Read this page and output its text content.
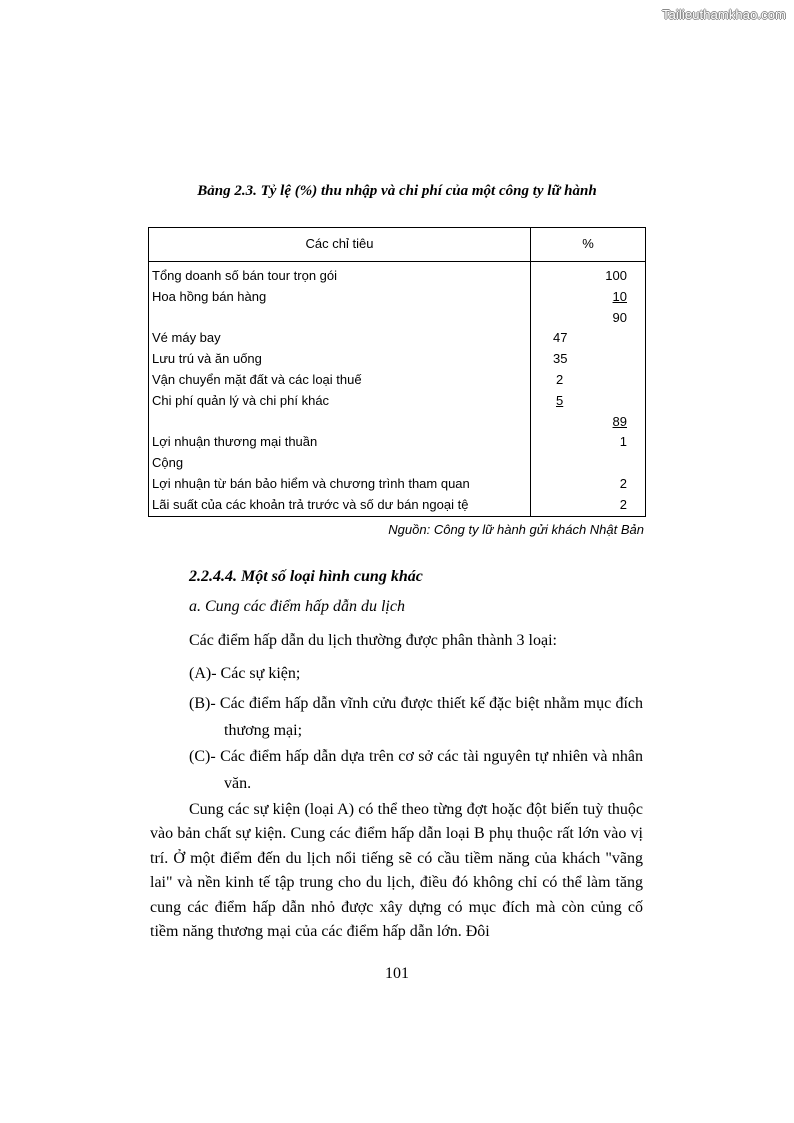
Tailieuthamkhao.com
Bảng 2.3. Tỷ lệ (%) thu nhập và chi phí của một công ty lữ hành
Các chỉ tiêu	%
Tổng doanh số bán tour trọn gói
Hoa hồng bán hàng
Vé máy bay
Lưu trú và ăn uống
Vận chuyển mặt đất và các loại thuế
Chi phí quản lý và chi phí khác
Lợi nhuận thương mại thuần
Cộng
Lợi nhuận từ bán bảo hiểm và chương trình tham quan
Lãi suất của các khoản trả trước và số dư bán ngoại tệ
100
10
90
47
35
2
5
89
1
2
2
Nguồn: Công ty lữ hành gửi khách Nhật Bản
2.2.4.4. Một số loại hình cung khác
a. Cung các điểm hấp dẫn du lịch
Các điểm hấp dẫn du lịch thường được phân thành 3 loại:
(A)- Các sự kiện;
(B)- Các điểm hấp dẫn vĩnh cửu được thiết kế đặc biệt nhằm mục đích thương mại;
(C)- Các điểm hấp dẫn dựa trên cơ sở các tài nguyên tự nhiên và nhân văn.
Cung các sự kiện (loại A) có thể theo từng đợt hoặc đột biến tuỳ thuộc vào bản chất sự kiện. Cung các điểm hấp dẫn loại B phụ thuộc rất lớn vào vị trí. Ở một điểm đến du lịch nổi tiếng sẽ có cầu tiềm năng của khách "vãng lai" và nền kinh tế tập trung cho du lịch, điều đó không chỉ có thể làm tăng cung các điểm hấp dẫn nhỏ được xây dựng có mục đích mà còn củng cố tiềm năng thương mại của các điểm hấp dẫn lớn. Đôi
101
